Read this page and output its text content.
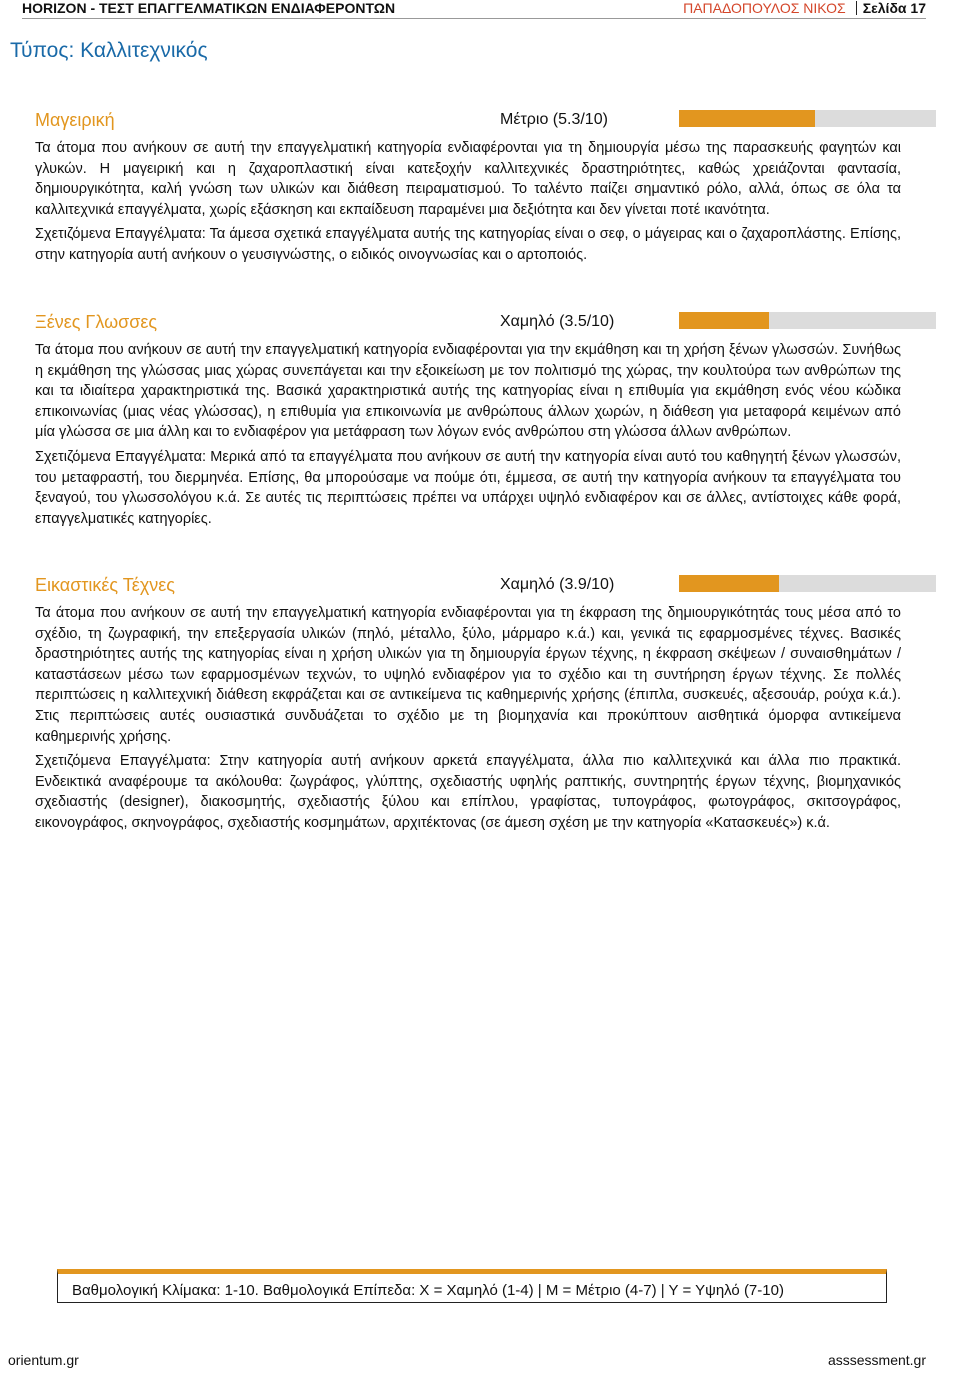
HORIZON - ΤΕΣΤ ΕΠΑΓΓΕΛΜΑΤΙΚΩΝ ΕΝΔΙΑΦΕΡΟΝΤΩΝ	ΠΑΠΑΔΟΠΟΥΛΟΣ ΝΙΚΟΣ Σελίδα 17
Τύπος: Καλλιτεχνικός
Μαγειρική	Μέτριο (5.3/10)
Τα άτομα που ανήκουν σε αυτή την επαγγελματική κατηγορία ενδιαφέρονται για τη δημιουργία μέσω της παρασκευής φαγητών και γλυκών. Η μαγειρική και η ζαχαροπλαστική είναι κατεξοχήν καλλιτεχνικές δραστηριότητες, καθώς χρειάζονται φαντασία, δημιουργικότητα, καλή γνώση των υλικών και διάθεση πειραματισμού. Το ταλέντο παίζει σημαντικό ρόλο, αλλά, όπως σε όλα τα καλλιτεχνικά επαγγέλματα, χωρίς εξάσκηση και εκπαίδευση παραμένει μια δεξιότητα και δεν γίνεται ποτέ ικανότητα.
Σχετιζόμενα Επαγγέλματα: Τα άμεσα σχετικά επαγγέλματα αυτής της κατηγορίας είναι ο σεφ, ο μάγειρας και ο ζαχαροπλάστης. Επίσης, στην κατηγορία αυτή ανήκουν ο γευσιγνώστης, ο ειδικός οινογνωσίας και ο αρτοποιός.
Ξένες Γλωσσες	Χαμηλό (3.5/10)
Τα άτομα που ανήκουν σε αυτή την επαγγελματική κατηγορία ενδιαφέρονται για την εκμάθηση και τη χρήση ξένων γλωσσών. Συνήθως η εκμάθηση της γλώσσας μιας χώρας συνεπάγεται και την εξοικείωση με τον πολιτισμό της χώρας, την κουλτούρα των ανθρώπων της και τα ιδιαίτερα χαρακτηριστικά της. Βασικά χαρακτηριστικά αυτής της κατηγορίας είναι η επιθυμία για εκμάθηση ενός νέου κώδικα επικοινωνίας (μιας νέας γλώσσας), η επιθυμία για επικοινωνία με ανθρώπους άλλων χωρών, η διάθεση για μεταφορά κειμένων από μία γλώσσα σε μια άλλη και το ενδιαφέρον για μετάφραση των λόγων ενός ανθρώπου στη γλώσσα άλλων ανθρώπων.
Σχετιζόμενα Επαγγέλματα: Μερικά από τα επαγγέλματα που ανήκουν σε αυτή την κατηγορία είναι αυτό του καθηγητή ξένων γλωσσών, του μεταφραστή, του διερμηνέα. Επίσης, θα μπορούσαμε να πούμε ότι, έμμεσα, σε αυτή την κατηγορία ανήκουν τα επαγγέλματα του ξεναγού, του γλωσσολόγου κ.ά. Σε αυτές τις περιπτώσεις πρέπει να υπάρχει υψηλό ενδιαφέρον και σε άλλες, αντίστοιχες κάθε φορά, επαγγελματικές κατηγορίες.
Εικαστικές Τέχνες	Χαμηλό (3.9/10)
Τα άτομα που ανήκουν σε αυτή την επαγγελματική κατηγορία ενδιαφέρονται για τη έκφραση της δημιουργικότητάς τους μέσα από το σχέδιο, τη ζωγραφική, την επεξεργασία υλικών (πηλό, μέταλλο, ξύλο, μάρμαρο κ.ά.) και, γενικά τις εφαρμοσμένες τέχνες. Βασικές δραστηριότητες αυτής της κατηγορίας είναι η χρήση υλικών για τη δημιουργία έργων τέχνης, η έκφραση σκέψεων / συναισθημάτων / καταστάσεων μέσω των εφαρμοσμένων τεχνών, το υψηλό ενδιαφέρον για το σχέδιο και τη συντήρηση έργων τέχνης. Σε πολλές περιπτώσεις η καλλιτεχνική διάθεση εκφράζεται και σε αντικείμενα τις καθημερινής χρήσης (έπιπλα, συσκευές, αξεσουάρ, ρούχα κ.ά.). Στις περιπτώσεις αυτές ουσιαστικά συνδυάζεται το σχέδιο με τη βιομηχανία και προκύπτουν αισθητικά όμορφα αντικείμενα καθημερινής χρήσης.
Σχετιζόμενα Επαγγέλματα: Στην κατηγορία αυτή ανήκουν αρκετά επαγγέλματα, άλλα πιο καλλιτεχνικά και άλλα πιο πρακτικά. Ενδεικτικά αναφέρουμε τα ακόλουθα: ζωγράφος, γλύπτης, σχεδιαστής υφηλής ραπτικής, συντηρητής έργων τέχνης, βιομηχανικός σχεδιαστής (designer), διακοσμητής, σχεδιαστής ξύλου και επίπλου, γραφίστας, τυπογράφος, φωτογράφος, σκιτσογράφος, εικονογράφος, σκηνογράφος, σχεδιαστής κοσμημάτων, αρχιτέκτονας (σε άμεση σχέση με την κατηγορία «Κατασκευές») κ.ά.
Βαθμολογική Κλίμακα: 1-10. Βαθμολογικά Επίπεδα: Χ = Χαμηλό (1-4) | Μ = Μέτριο (4-7) | Υ = Υψηλό (7-10)
orientum.gr	asssessment.gr
